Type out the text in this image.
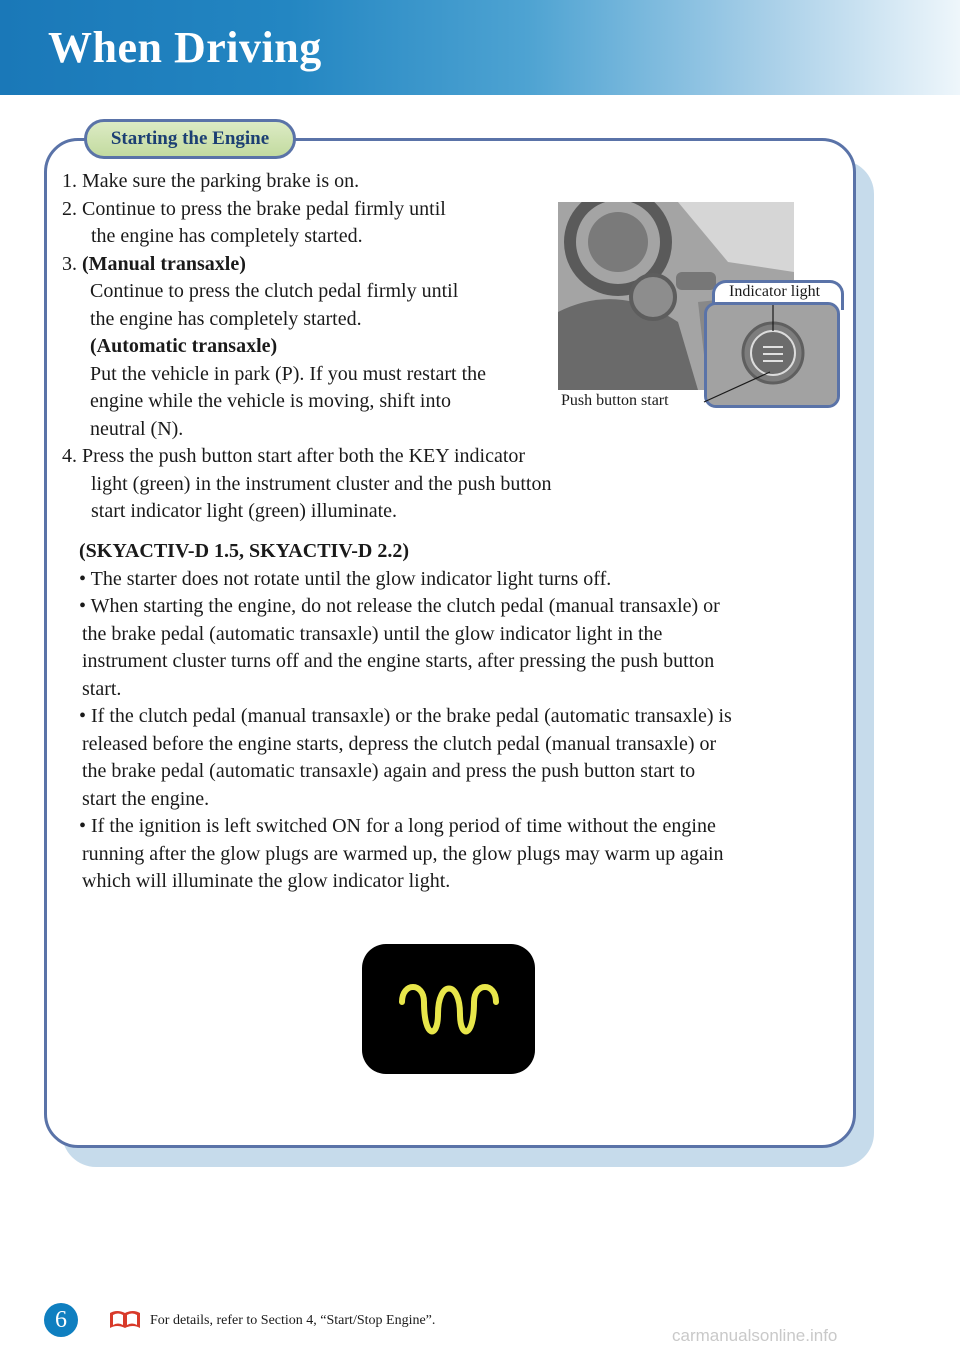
When Driving
Starting the Engine

1. Make sure the parking brake is on.

2. Continue to press the brake pedal firmly until

the engine has completely started.

3. (Manual transaxle)

Continue to press the clutch pedal firmly until

the engine has completely started.

(Automatic transaxle)

Put the vehicle in park (P). If you must restart the

engine while the vehicle is moving, shift into

neutral (N).

4. Press the push button start after both the KEY indicator

light (green) in the instrument cluster and the push button

start indicator light (green) illuminate.

Indicator light
Push button start

(SKYACTIV-D 1.5, SKYACTIV-D 2.2)

• The starter does not rotate until the glow indicator light turns off.

• When starting the engine, do not release the clutch pedal (manual transaxle) or

the brake pedal (automatic transaxle) until the glow indicator light in the

instrument cluster turns off and the engine starts, after pressing the push button

start.

• If the clutch pedal (manual transaxle) or the brake pedal (automatic transaxle) is

released before the engine starts, depress the clutch pedal (manual transaxle) or

the brake pedal (automatic transaxle) again and press the push button start to

start the engine.

• If the ignition is left switched ON for a long period of time without the engine

running after the glow plugs are warmed up, the glow plugs may warm up again

which will illuminate the glow indicator light.

6	For details, refer to Section 4, “Start/Stop Engine”.
carmanualsonline.info
